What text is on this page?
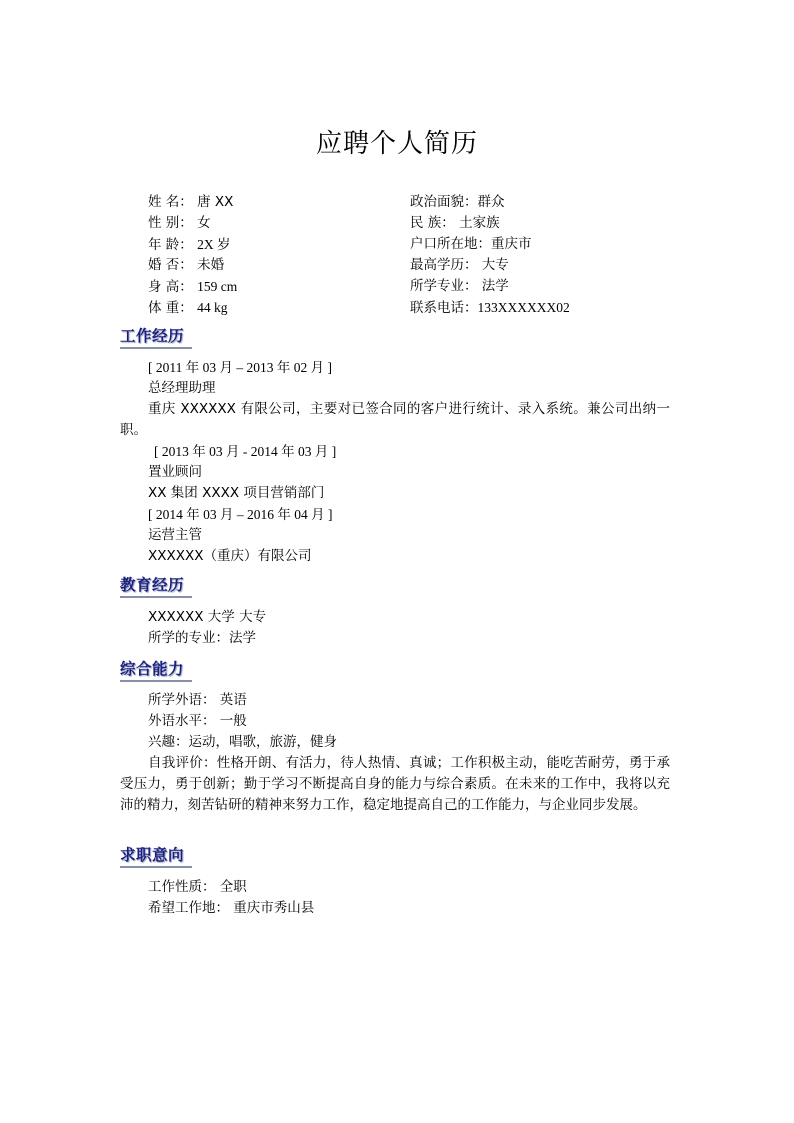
应聘个人简历
姓 名： 唐 XX	政治面貌：群众
性 别： 女	民 族： 土家族
年 龄： 2X 岁	户口所在地：重庆市
婚 否： 未婚	最高学历： 大专
身 高： 159 cm	所学专业： 法学
体 重： 44 kg	联系电话：133XXXXXX02
工作经历
[ 2011 年 03 月 – 2013 年 02 月 ]
总经理助理
重庆 XXXXXX 有限公司，主要对已签合同的客户进行统计、录入系统。兼公司出纳一职。
[ 2013 年 03 月 - 2014 年 03 月 ]
置业顾问
XX 集团 XXXX 项目营销部门
[ 2014 年 03 月 – 2016 年 04 月 ]
运营主管
XXXXXX（重庆）有限公司
教育经历
XXXXXX 大学 大专
所学的专业：法学
综合能力
所学外语： 英语
外语水平： 一般
兴趣：运动，唱歌，旅游，健身
自我评价：性格开朗、有活力，待人热情、真诚；工作积极主动，能吃苦耐劳，勇于承受压力，勇于创新；勤于学习不断提高自身的能力与综合素质。在未来的工作中，我将以充沛的精力，刻苦钻研的精神来努力工作，稳定地提高自己的工作能力，与企业同步发展。
求职意向
工作性质： 全职
希望工作地： 重庆市秀山县
